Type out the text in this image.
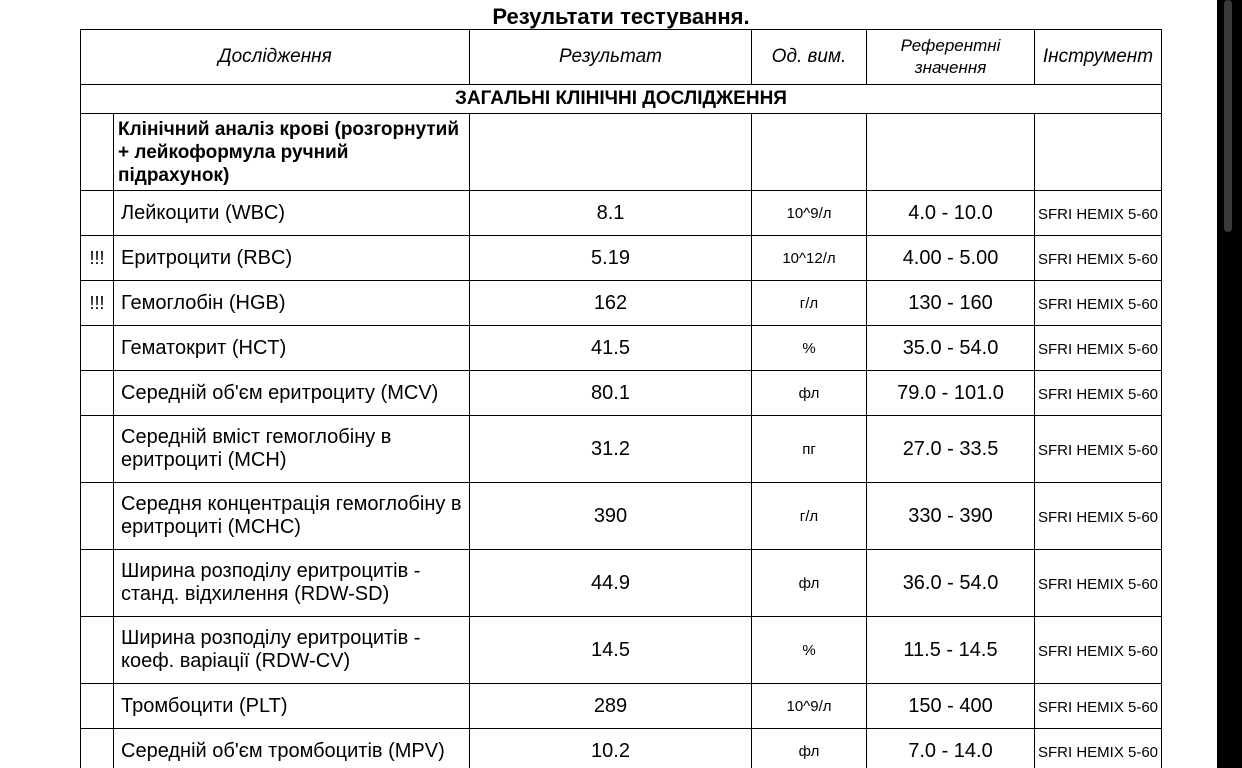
Результати тестування.
Дослідження		Результат	Од. вим.	Референтні значення	Інструмент
ЗАГАЛЬНІ КЛІНІЧНІ ДОСЛІДЖЕННЯ					
	Клінічний аналіз крові (розгорнутий + лейкоформула ручний підрахунок)				
	Лейкоцити (WBC)	8.1	10^9/л	4.0 - 10.0	SFRI HEMIX 5-60
!!!	Еритроцити (RBC)	5.19	10^12/л	4.00 - 5.00	SFRI HEMIX 5-60
!!!	Гемоглобін (HGB)	162	г/л	130 - 160	SFRI HEMIX 5-60
	Гематокрит (HCT)	41.5	%	35.0 - 54.0	SFRI HEMIX 5-60
	Середній об'єм еритроциту (MCV)	80.1	фл	79.0 - 101.0	SFRI HEMIX 5-60
	Середній вміст гемоглобіну в еритроциті (MCH)	31.2	пг	27.0 - 33.5	SFRI HEMIX 5-60
	Середня концентрація гемоглобіну в еритроциті (MCHC)	390	г/л	330 - 390	SFRI HEMIX 5-60
	Ширина розподілу еритроцитів - станд. відхилення (RDW-SD)	44.9	фл	36.0 - 54.0	SFRI HEMIX 5-60
	Ширина розподілу еритроцитів - коеф. варіації (RDW-CV)	14.5	%	11.5 - 14.5	SFRI HEMIX 5-60
	Тромбоцити (PLT)	289	10^9/л	150 - 400	SFRI HEMIX 5-60
	Середній об'єм тромбоцитів (MPV)	10.2	фл	7.0 - 14.0	SFRI HEMIX 5-60
